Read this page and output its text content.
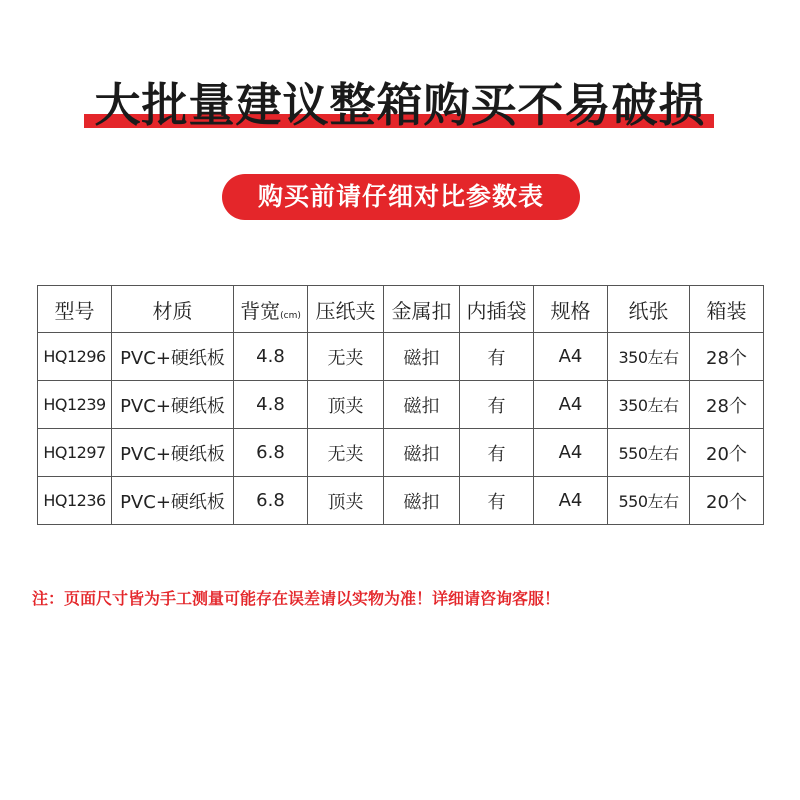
大批量建议整箱购买不易破损
购买前请仔细对比参数表
型号	材质	背宽(cm)	压纸夹	金属扣	内插袋	规格	纸张	箱装
HQ1296	PVC+硬纸板	4.8	无夹	磁扣	有	A4	350左右	28个
HQ1239	PVC+硬纸板	4.8	顶夹	磁扣	有	A4	350左右	28个
HQ1297	PVC+硬纸板	6.8	无夹	磁扣	有	A4	550左右	20个
HQ1236	PVC+硬纸板	6.8	顶夹	磁扣	有	A4	550左右	20个
注：页面尺寸皆为手工测量可能存在误差请以实物为准！详细请咨询客服！
